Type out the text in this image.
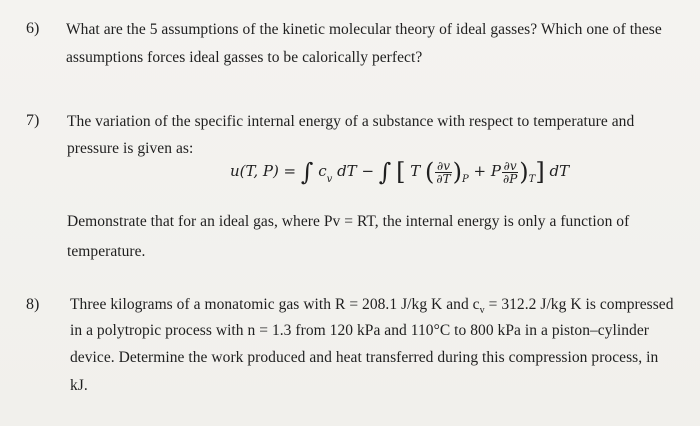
6) What are the 5 assumptions of the kinetic molecular theory of ideal gasses? Which one of these
assumptions forces ideal gasses to be calorically perfect?
7) The variation of the specific internal energy of a substance with respect to temperature and
pressure is given as:
u(T, P) = ∫ $c_v$ dT − ∫ [ T ( $\frac{\partial v}{\partial T} )_P + P \frac{\partial v}{\partial P} )_T$] dT
Demonstrate that for an ideal gas, where Pv = RT, the internal energy is only a function of
temperature.
8) Three kilograms of a monatomic gas with R = 208.1 J/kg K and $c_v = 312.2$ J/kg K is compressed
in a polytropic process with n = 1.3 from 120 kPa and 110°C to 800 kPa in a piston–cylinder
device. Determine the work produced and heat transferred during this compression process, in
kJ.
